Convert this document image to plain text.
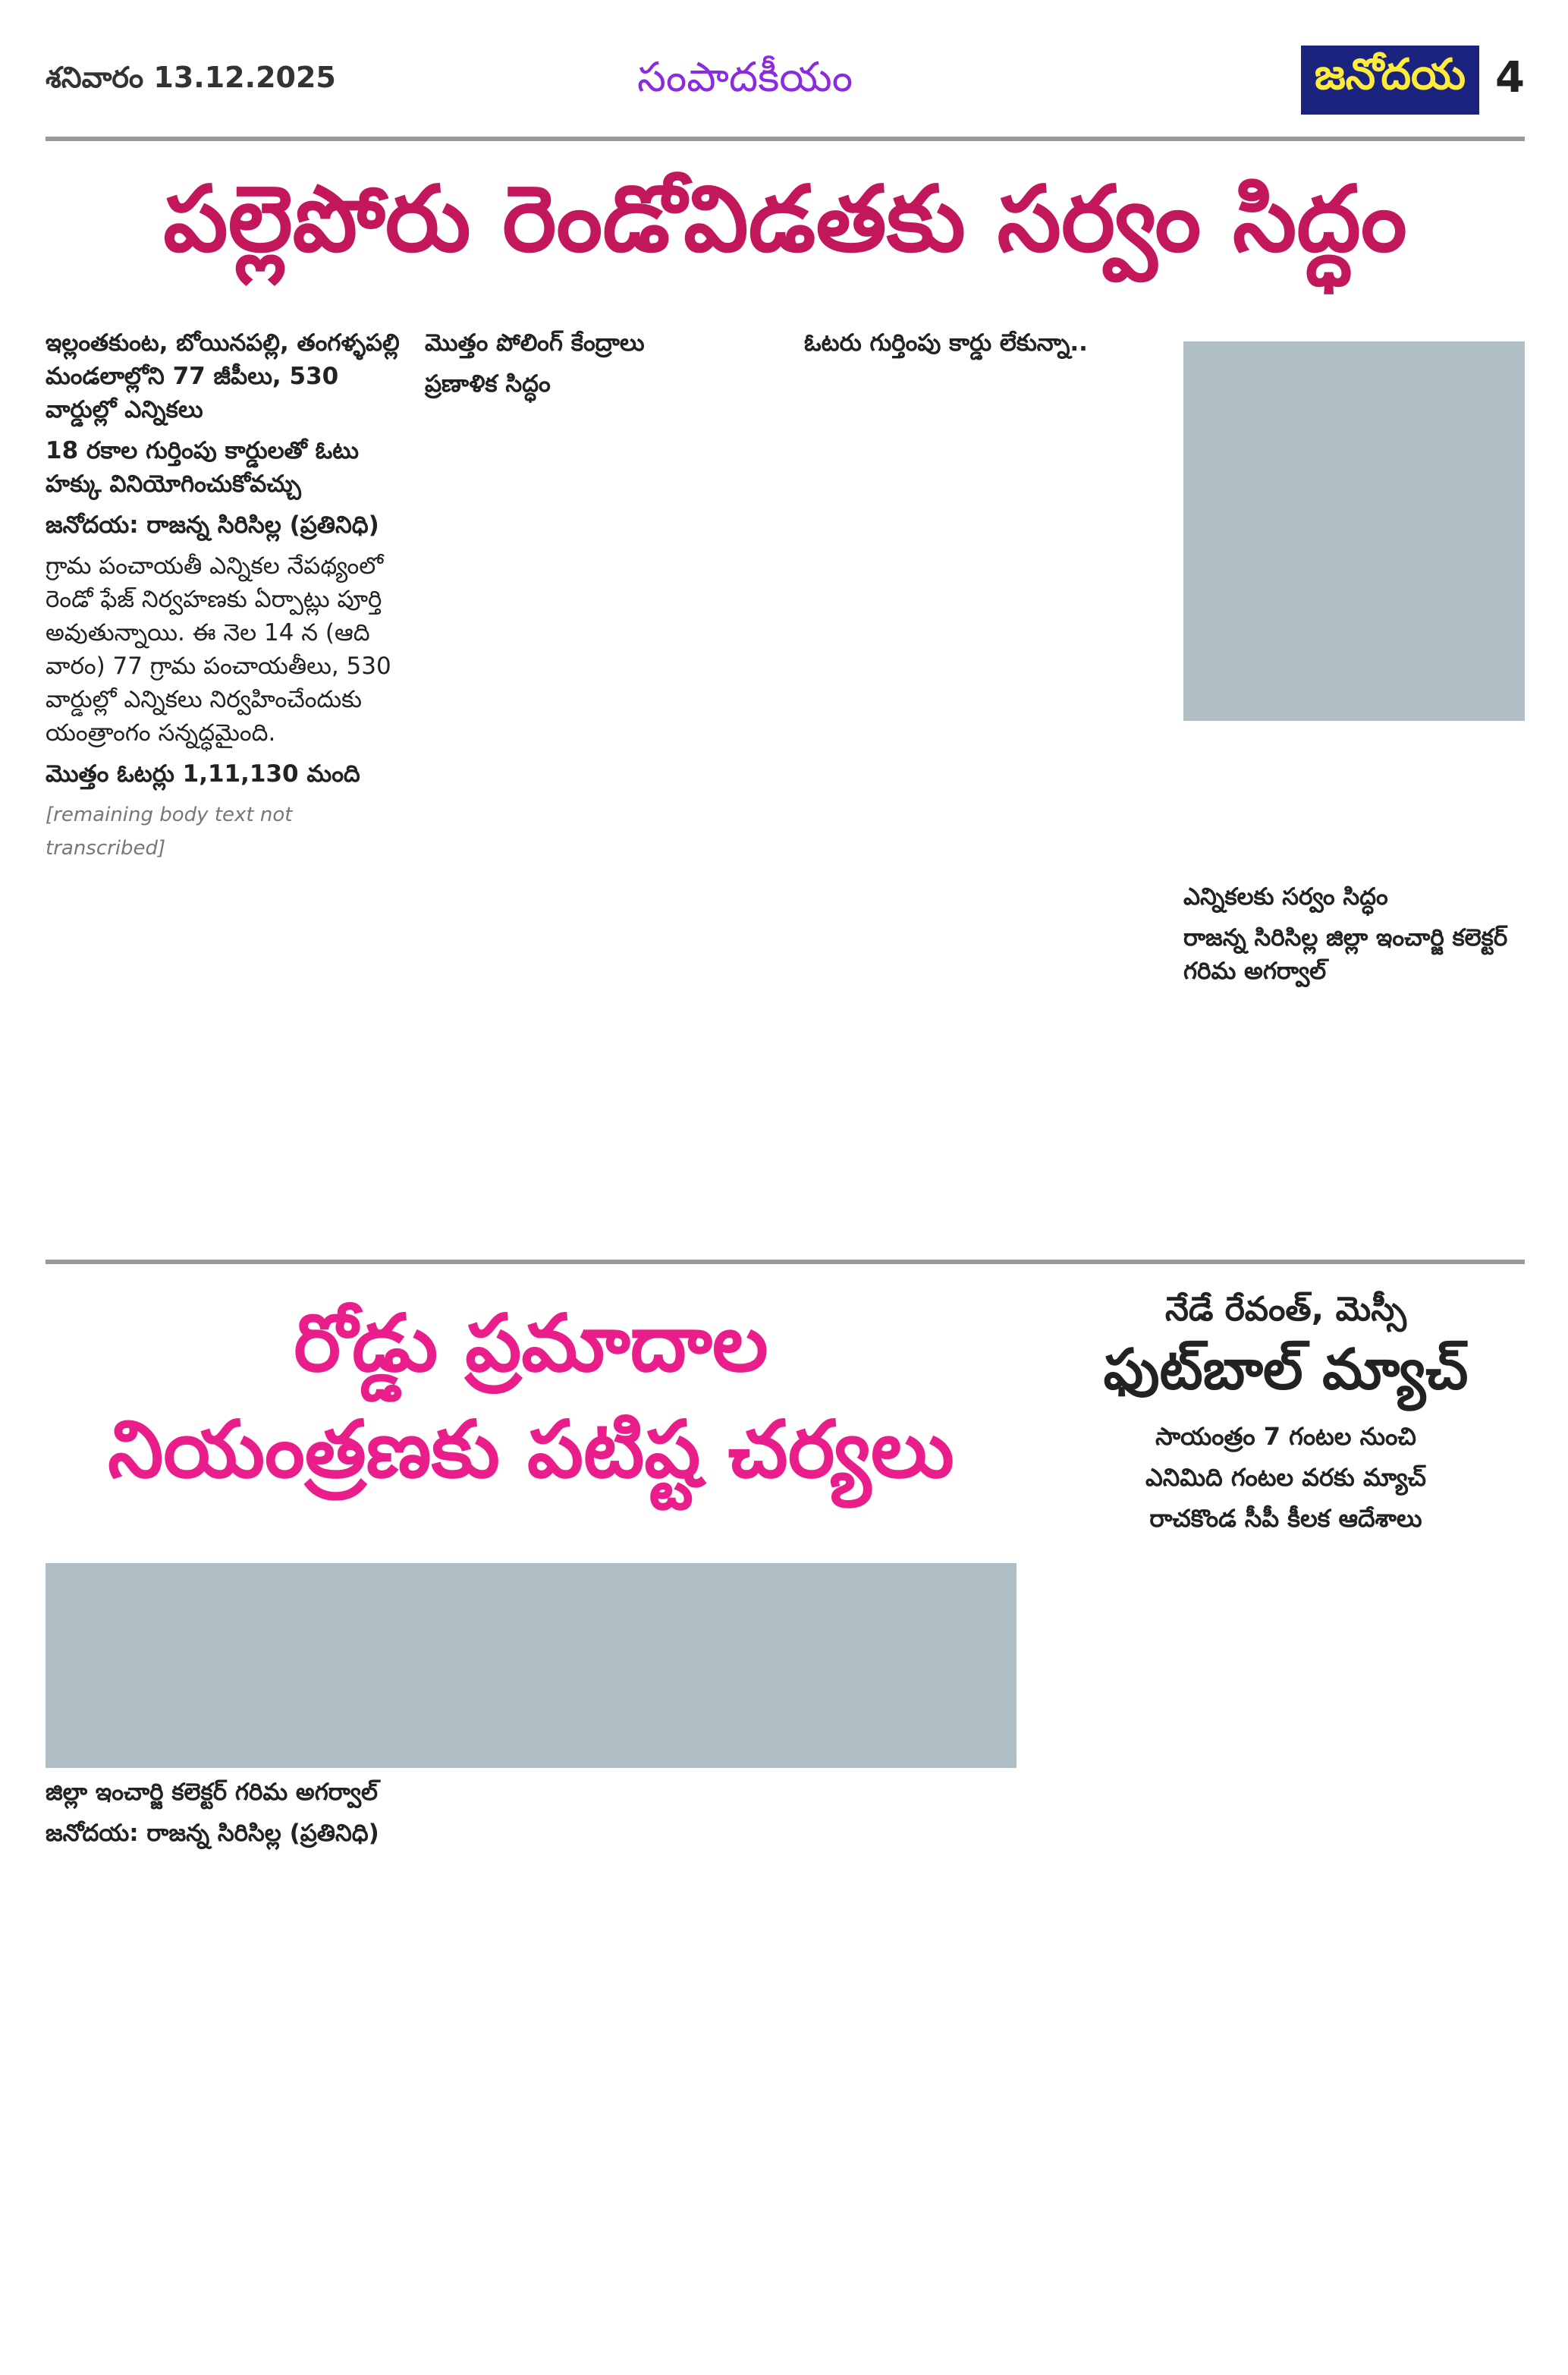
శనివారం 13.12.2025	సంపాదకీయం	జనోదయ 4
పల్లెపోరు రెండోవిడతకు సర్వం సిద్ధం

ఇల్లంతకుంట, బోయినపల్లి, తంగళ్ళపల్లి మండలాల్లోని 77 జీపీలు, 530 వార్డుల్లో ఎన్నికలు

18 రకాల గుర్తింపు కార్డులతో ఓటు హక్కు వినియోగించుకోవచ్చు

జనోదయ: రాజన్న సిరిసిల్ల (ప్రతినిధి)

గ్రామ పంచాయతీ ఎన్నికల నేపథ్యంలో రెండో ఫేజ్ నిర్వహణకు ఏర్పాట్లు పూర్తి అవుతున్నాయి. ఈ నెల 14 న (ఆది వారం) 77 గ్రామ పంచాయతీలు, 530 వార్డుల్లో ఎన్నికలు నిర్వహించేందుకు యంత్రాంగం సన్నద్ధమైంది.

మొత్తం ఓటర్లు 1,11,130 మంది

[remaining body text not transcribed]

మొత్తం పోలింగ్ కేంద్రాలు

ప్రణాళిక సిద్ధం

ఓటరు గుర్తింపు కార్డు లేకున్నా..

ఎన్నికలకు సర్వం సిద్ధం

రాజన్న సిరిసిల్ల జిల్లా ఇంచార్జి కలెక్టర్ గరిమ అగర్వాల్

రోడ్డు ప్రమాదాల
నియంత్రణకు పటిష్ట చర్యలు

జిల్లా ఇంచార్జి కలెక్టర్ గరిమ అగర్వాల్

జనోదయ: రాజన్న సిరిసిల్ల (ప్రతినిధి)

నేడే రేవంత్, మెస్సీ
ఫుట్‌బాల్ మ్యాచ్
సాయంత్రం 7 గంటల నుంచి
ఎనిమిది గంటల వరకు మ్యాచ్
రాచకొండ సీపీ కీలక ఆదేశాలు
